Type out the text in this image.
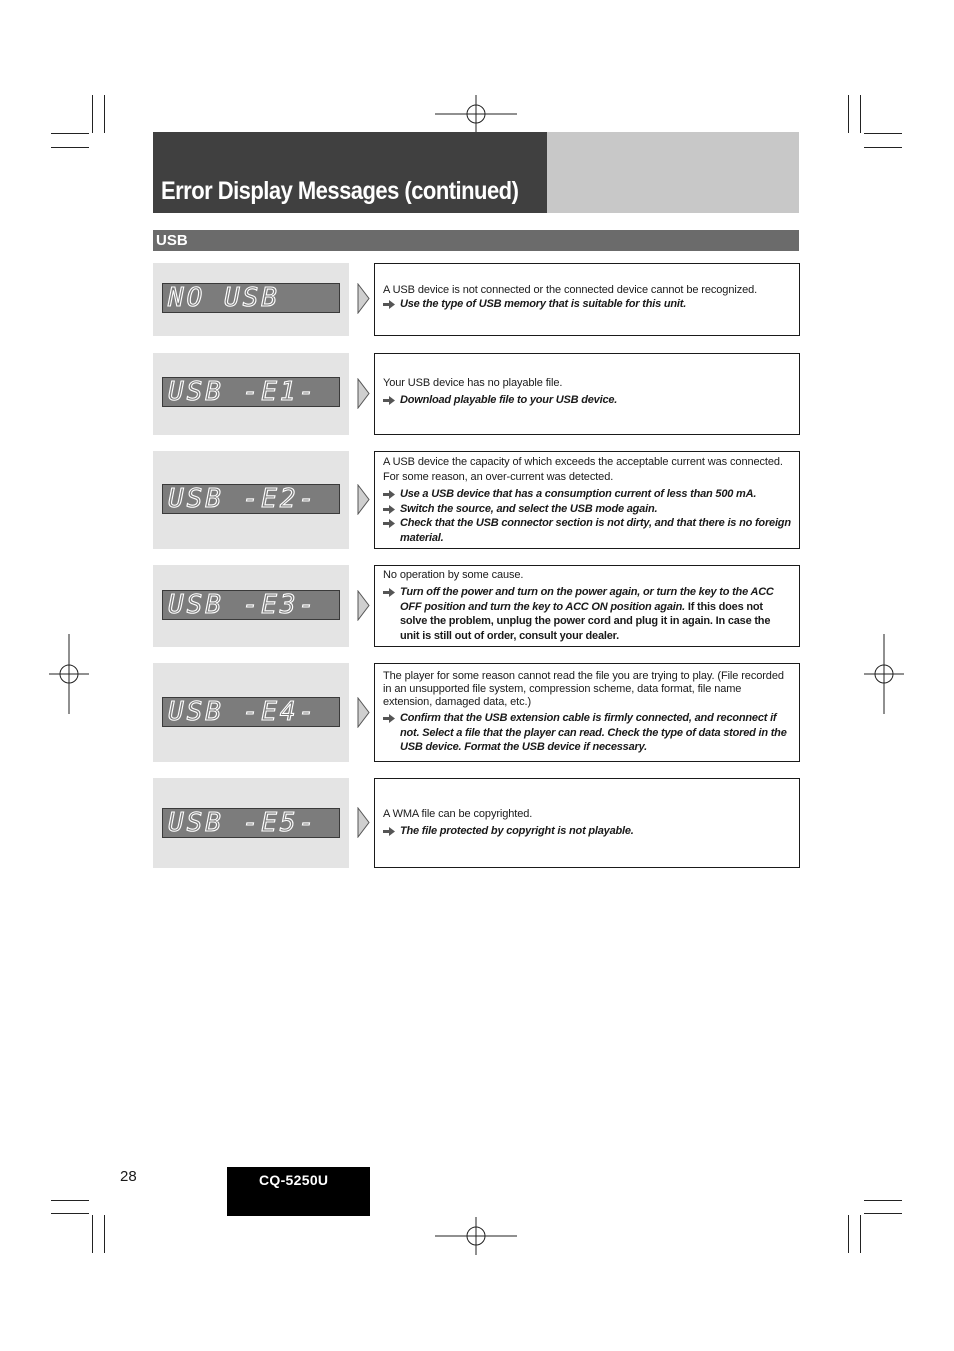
Error Display Messages (continued)
USB
NO USB	A USB device is not connected or the connected device cannot be recognized.

Use the type of USB memory that is suitable for this unit.
USB -E1-	Your USB device has no playable file.

Download playable file to your USB device.
USB -E2-

A USB device the capacity of which exceeds the acceptable current was connected. For some reason, an over-current was detected.

Use a USB device that has a consumption current of less than 500 mA.
Switch the source, and select the USB mode again.
Check that the USB connector section is not dirty, and that there is no foreign material.
USB -E3-

No operation by some cause.

Turn off the power and turn on the power again, or turn the key to the ACC OFF position and turn the key to ACC ON position again. If this does not solve the problem, unplug the power cord and plug it in again. In case the unit is still out of order, consult your dealer.
USB -E4-

The player for some reason cannot read the file you are trying to play. (File recorded in an unsupported file system, compression scheme, data format, file name extension, damaged data, etc.)

Confirm that the USB extension cable is firmly connected, and reconnect if not. Select a file that the player can read. Check the type of data stored in the USB device. Format the USB device if necessary.
USB -E5-	A WMA file can be copyrighted.

The file protected by copyright is not playable.
28	CQ-5250U
